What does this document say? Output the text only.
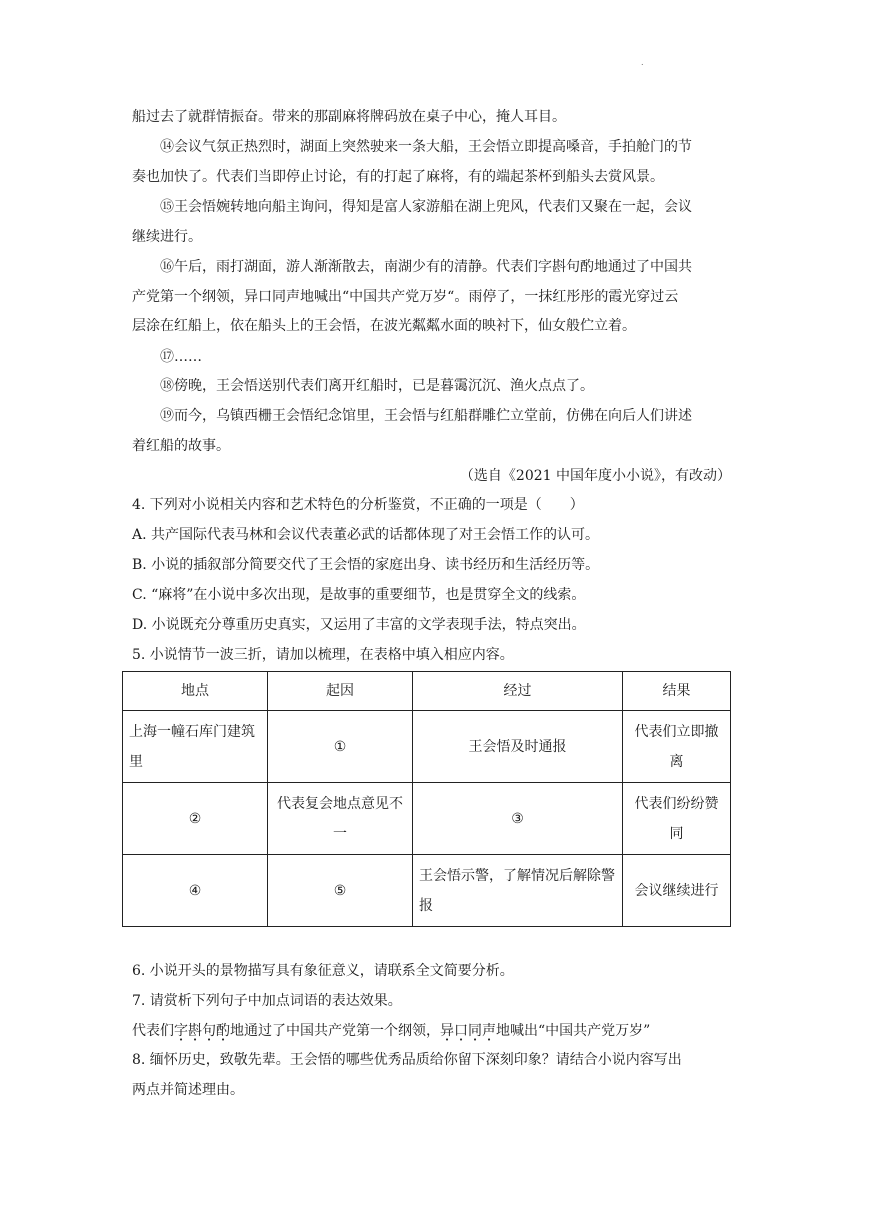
.
船过去了就群情振奋。带来的那副麻将牌码放在桌子中心，掩人耳目。
⑭会议气氛正热烈时，湖面上突然驶来一条大船，王会悟立即提高嗓音，手拍舱门的节
奏也加快了。代表们当即停止讨论，有的打起了麻将，有的端起茶杯到船头去赏风景。
⑮王会悟婉转地向船主询问，得知是富人家游船在湖上兜风，代表们又聚在一起，会议
继续进行。
⑯午后，雨打湖面，游人渐渐散去，南湖少有的清静。代表们字斟句酌地通过了中国共
产党第一个纲领，异口同声地喊出“中国共产党万岁“。雨停了，一抹红彤彤的霞光穿过云
层涂在红船上，依在船头上的王会悟，在波光粼粼水面的映衬下，仙女般伫立着。
⑰……
⑱傍晚，王会悟送别代表们离开红船时，已是暮霭沉沉、渔火点点了。
⑲而今，乌镇西栅王会悟纪念馆里，王会悟与红船群雕伫立堂前，仿佛在向后人们讲述
着红船的故事。
（选自《2021 中国年度小小说》，有改动）
4. 下列对小说相关内容和艺术特色的分析鉴赏，不正确的一项是（　　）
A. 共产国际代表马林和会议代表董必武的话都体现了对王会悟工作的认可。
B. 小说的插叙部分简要交代了王会悟的家庭出身、读书经历和生活经历等。
C. “麻将”在小说中多次出现，是故事的重要细节，也是贯穿全文的线索。
D. 小说既充分尊重历史真实，又运用了丰富的文学表现手法，特点突出。
5. 小说情节一波三折，请加以梳理，在表格中填入相应内容。
地点	起因	经过	结果
上海一幢石库门建筑里	①	王会悟及时通报	代表们立即撤离
②	代表复会地点意见不一	③	代表们纷纷赞同
④	⑤	王会悟示警，了解情况后解除警报	会议继续进行
6. 小说开头的景物描写具有象征意义，请联系全文简要分析。
7. 请赏析下列句子中加点词语的表达效果。
代表们字斟句酌地通过了中国共产党第一个纲领，异口同声地喊出“中国共产党万岁”
8. 缅怀历史，致敬先辈。王会悟的哪些优秀品质给你留下深刻印象？请结合小说内容写出
两点并简述理由。
